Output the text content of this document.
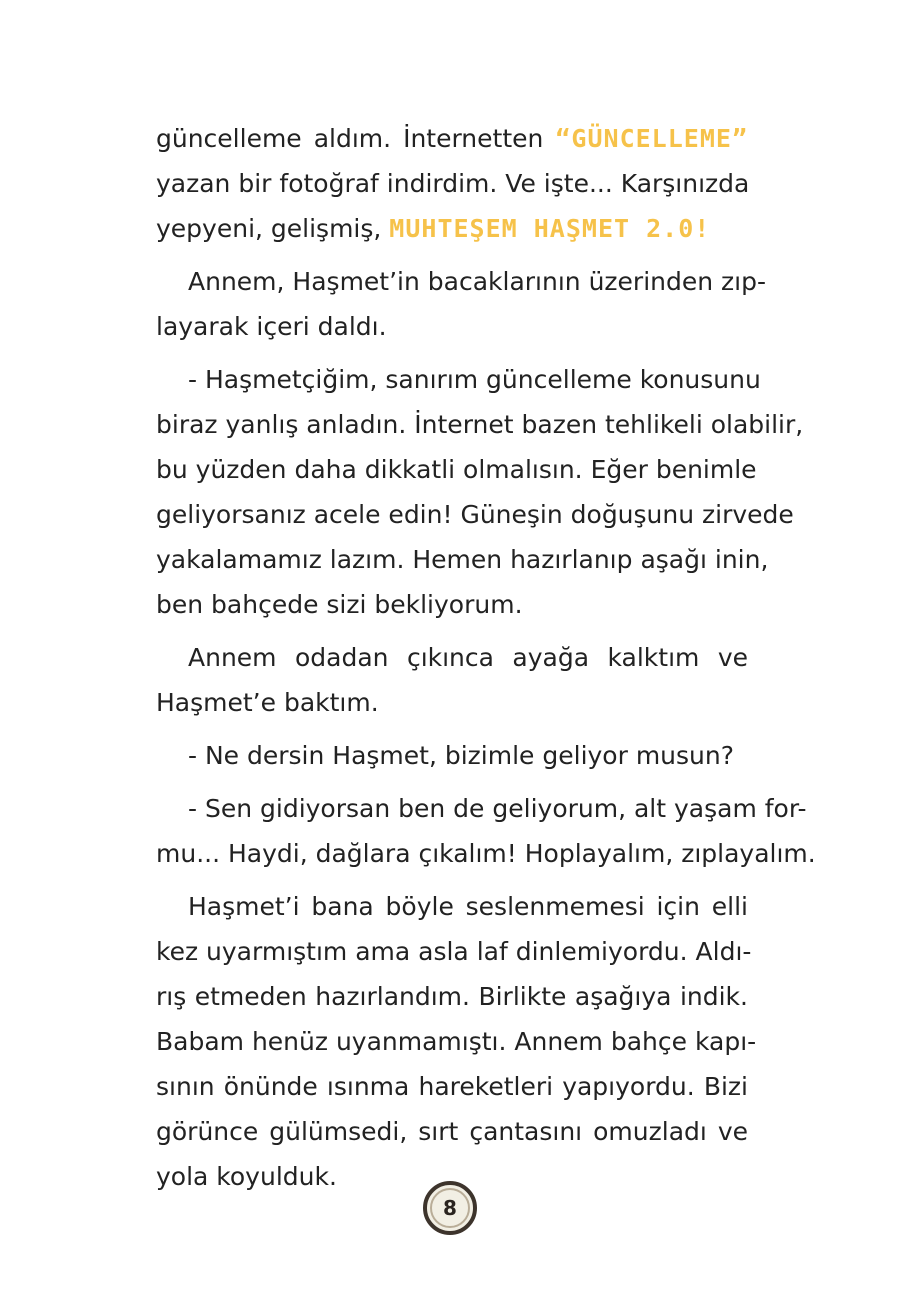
güncelleme aldım. İnternetten “GÜNCELLEME”
yazan bir fotoğraf indirdim. Ve işte... Karşınızda
yepyeni, gelişmiş, MUHTEŞEM HAŞMET 2.0!
Annem, Haşmet’in bacaklarının üzerinden zıp-
layarak içeri daldı.
- Haşmetçiğim, sanırım güncelleme konusunu
biraz yanlış anladın. İnternet bazen tehlikeli olabilir,
bu yüzden daha dikkatli olmalısın. Eğer benimle
geliyorsanız acele edin! Güneşin doğuşunu zirvede
yakalamamız lazım. Hemen hazırlanıp aşağı inin,
ben bahçede sizi bekliyorum.
Annem odadan çıkınca ayağa kalktım ve
Haşmet’e baktım.
- Ne dersin Haşmet, bizimle geliyor musun?
- Sen gidiyorsan ben de geliyorum, alt yaşam for-
mu... Haydi, dağlara çıkalım! Hoplayalım, zıplayalım.
Haşmet’i bana böyle seslenmemesi için elli
kez uyarmıştım ama asla laf dinlemiyordu. Aldı-
rış etmeden hazırlandım. Birlikte aşağıya indik.
Babam henüz uyanmamıştı. Annem bahçe kapı-
sının önünde ısınma hareketleri yapıyordu. Bizi
görünce gülümsedi, sırt çantasını omuzladı ve
yola koyulduk.
8
